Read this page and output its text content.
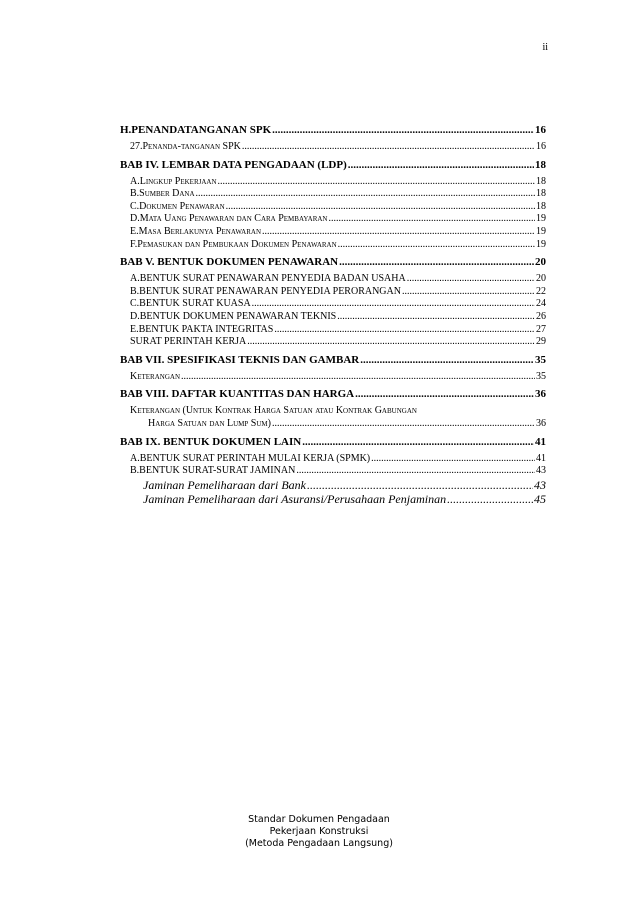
ii
H.PENANDATANGANAN SPK .....	16
27.Penanda-tanganan SPK .....	16
BAB IV. LEMBAR DATA PENGADAAN (LDP) .....	18
A.Lingkup Pekerjaan .....	18
B.Sumber Dana .....	18
C.Dokumen Penawaran .....	18
D.Mata Uang Penawaran dan Cara Pembayaran .....	19
E.Masa Berlakunya Penawaran .....	19
F.Pemasukan dan Pembukaan Dokumen Penawaran .....	19
BAB V. BENTUK DOKUMEN PENAWARAN .....	20
A.BENTUK SURAT PENAWARAN PENYEDIA BADAN USAHA .....	20
B.BENTUK SURAT PENAWARAN PENYEDIA PERORANGAN .....	22
C.BENTUK SURAT KUASA .....	24
D.BENTUK DOKUMEN PENAWARAN TEKNIS .....	26
E.BENTUK PAKTA INTEGRITAS .....	27
SURAT PERINTAH KERJA .....	29
BAB VII. SPESIFIKASI TEKNIS DAN GAMBAR .....	35
Keterangan .....	35
BAB VIII. DAFTAR KUANTITAS DAN HARGA .....	36
Keterangan (Untuk Kontrak Harga Satuan atau Kontrak Gabungan
Harga Satuan dan Lump Sum) .....	36
BAB IX. BENTUK DOKUMEN LAIN .....	41
A.BENTUK SURAT PERINTAH MULAI KERJA (SPMK) .....	41
B.BENTUK SURAT-SURAT JAMINAN .....	43
Jaminan Pemeliharaan dari Bank .....	43
Jaminan Pemeliharaan dari Asuransi/Perusahaan Penjaminan .....	45
Standar Dokumen Pengadaan
Pekerjaan Konstruksi
(Metoda Pengadaan Langsung)
